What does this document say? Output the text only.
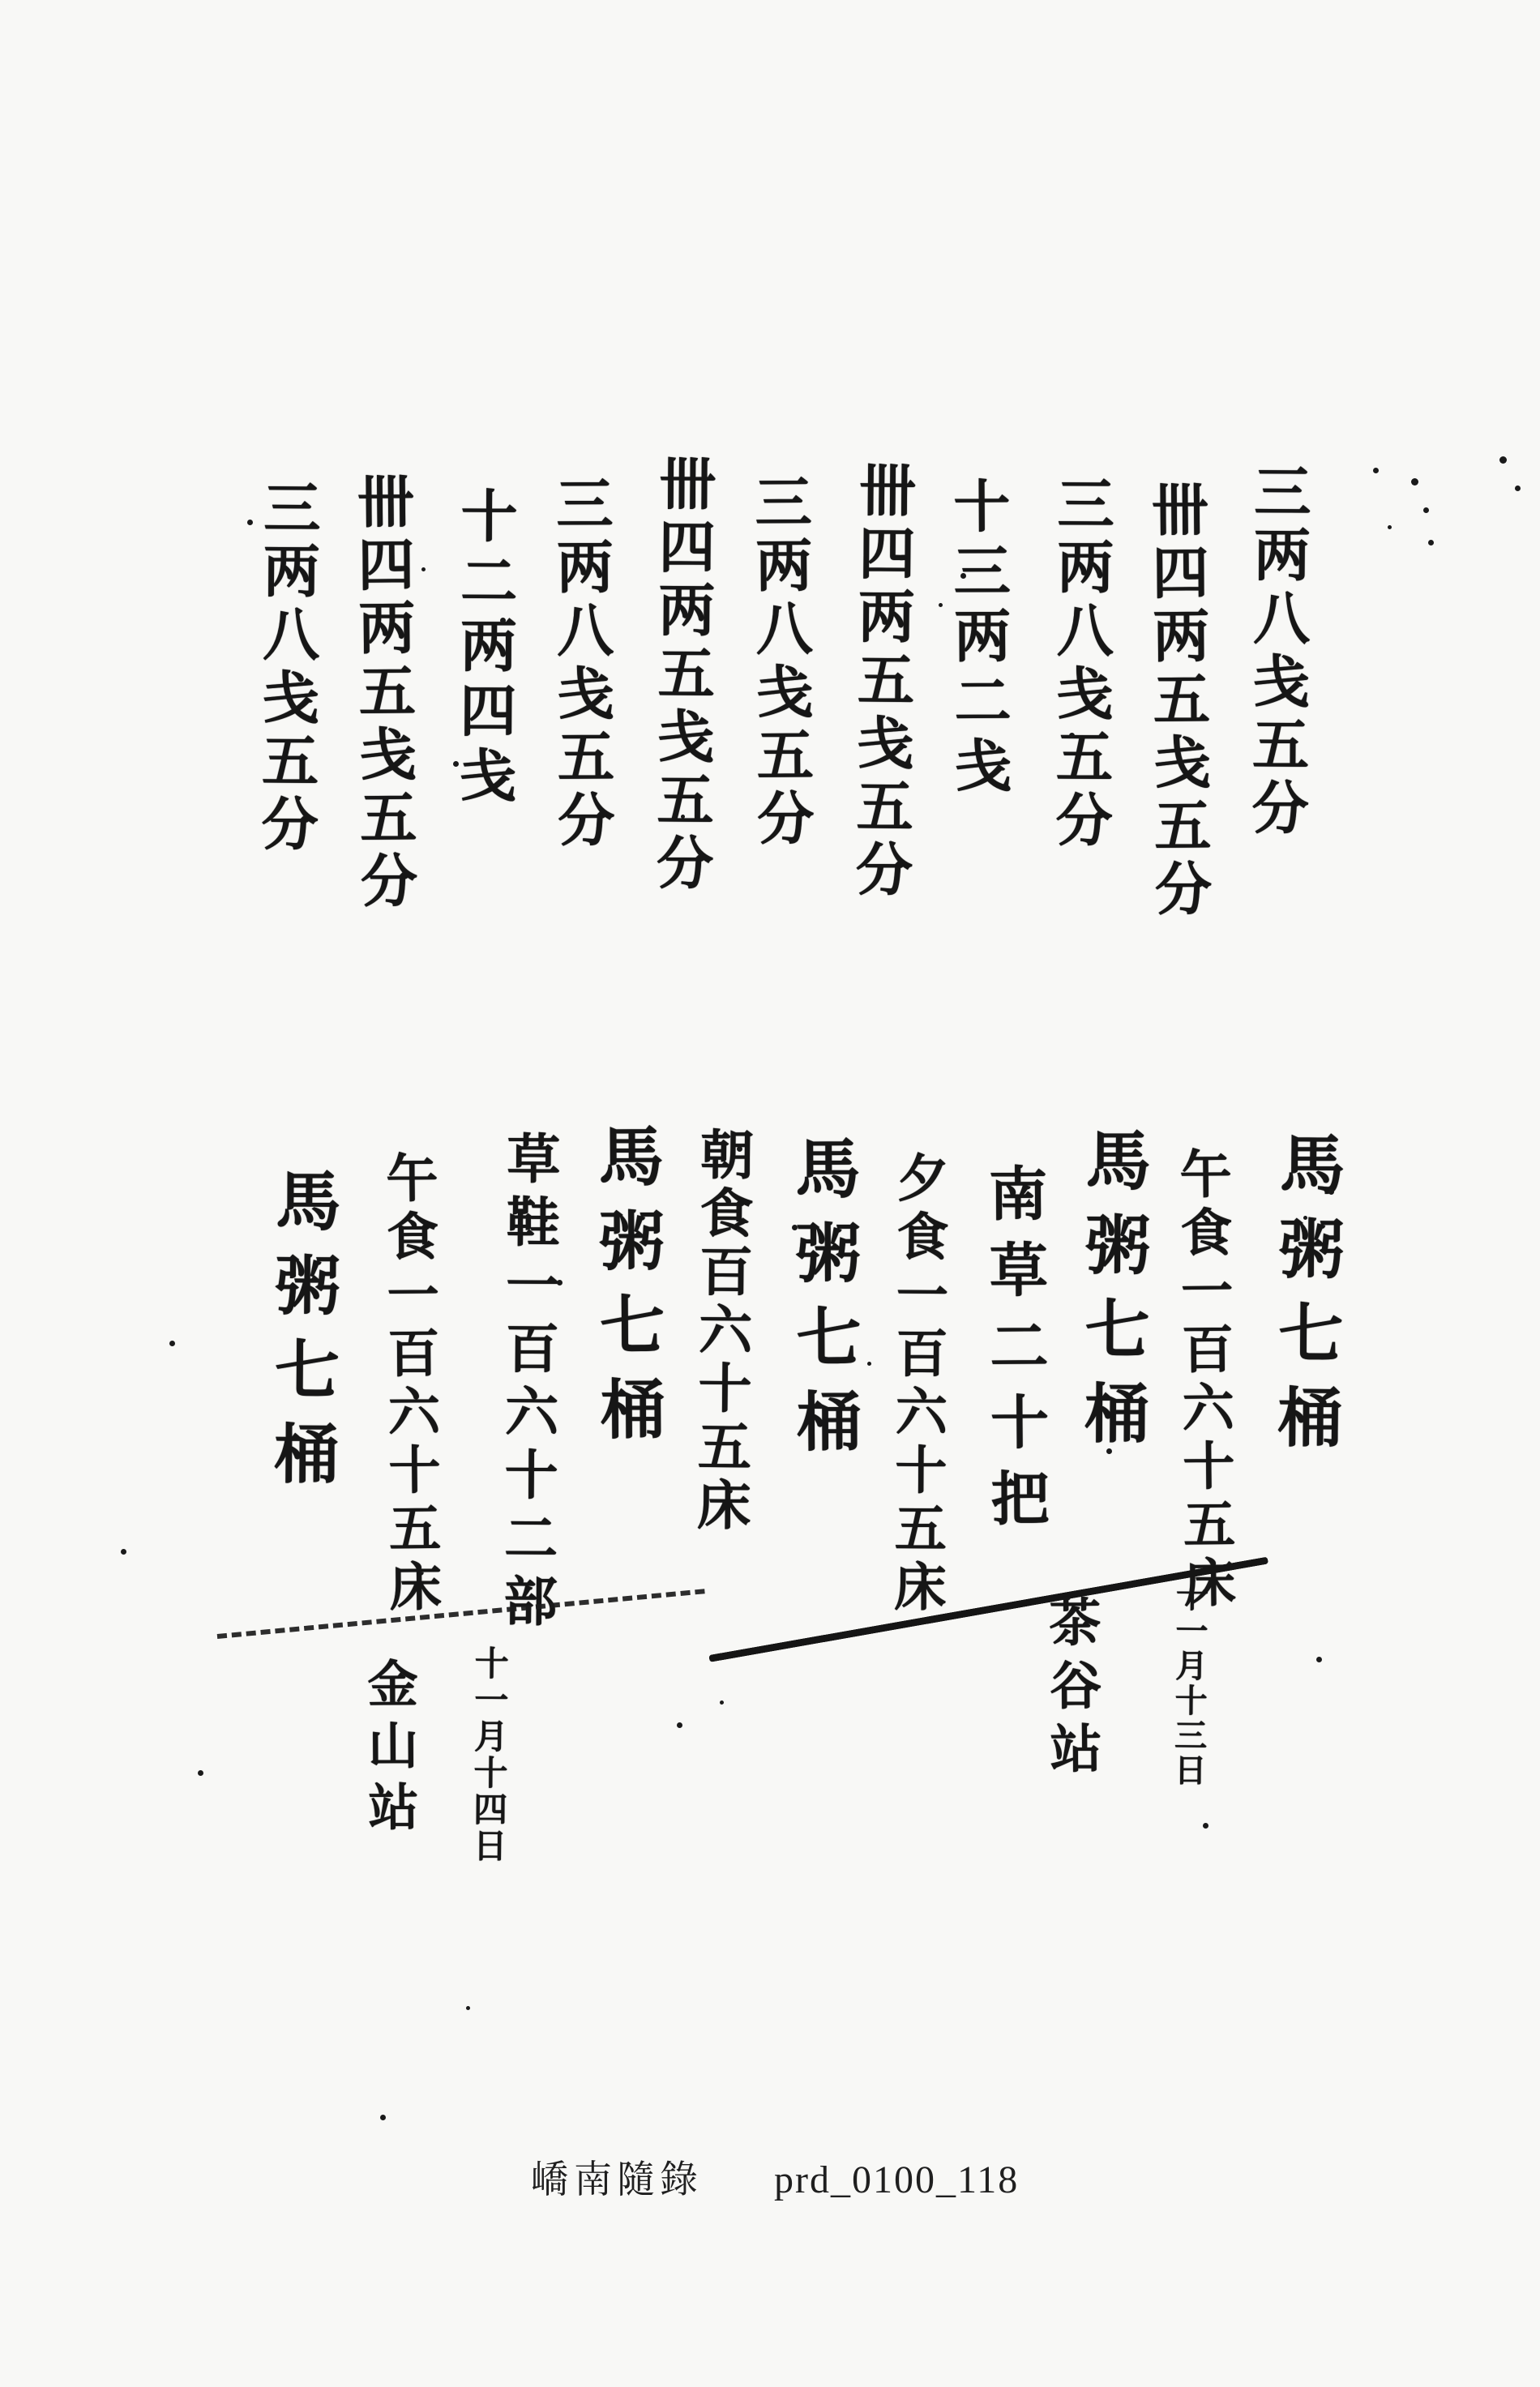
三两八戋五分
卌四两五戋五分
三两八戋五分
十三两二戋
卌四两五戋五分
三两八戋五分
卌四两五戋五分
三两八戋五分
十二两四戋
卌四两五戋五分
三两八戋五分
馬粥七桶
午食一百六十五床
馬粥七桶
南草二十把
夕食一百六十五床
馬粥七桶
朝食百六十五床
馬粥七桶
草鞋一百六十二部
午食一百六十五床
馬粥七桶
十一月十三日
茶谷站
十一月十四日
金山站
嶠南隨錄 prd_0100_118
